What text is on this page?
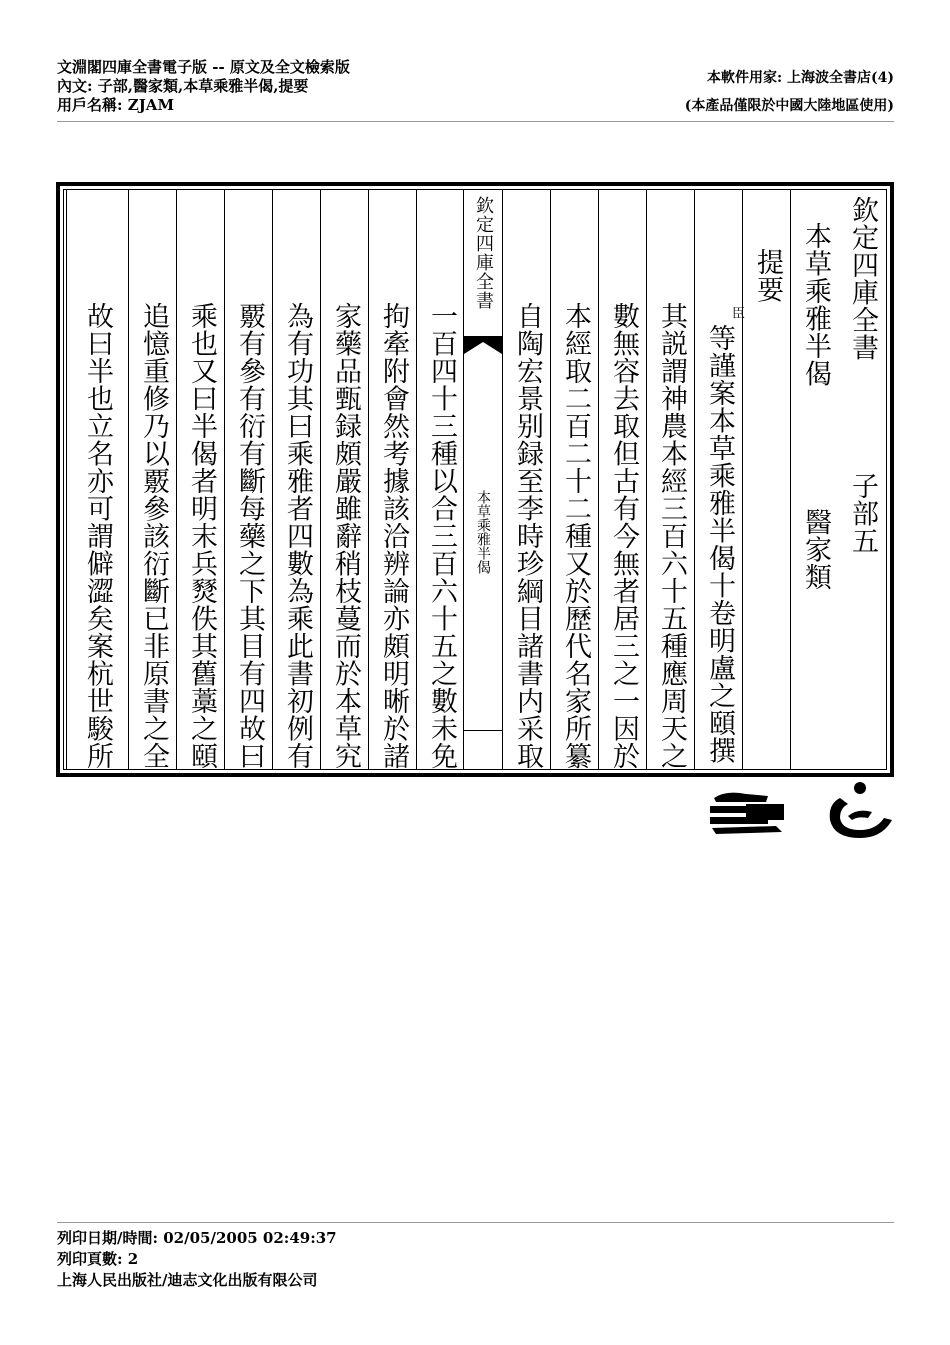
文淵閣四庫全書電子版 -- 原文及全文檢索版
內文: 子部,醫家類,本草乘雅半偈,提要
用戶名稱: ZJAM
本軟件用家: 上海波全書店(4)
(本產品僅限於中國大陸地區使用)
欽定四庫全書
子部五
本草乘雅半偈
醫家類
提要
臣
等謹案本草乘雅半偈十卷明盧之頤撰
其説謂神農本經三百六十五種應周天之
數無容去取但古有今無者居三之一因於
本經取二百二十二種又於歷代名家所纂
自陶宏景别録至李時珍綱目諸書内采取
欽定四庫全書
本草乘雅半偈
一百四十三種以合三百六十五之數未免
拘牽附會然考據該洽辨論亦頗明晰於諸
家藥品甄録頗嚴雖辭稍枝蔓而於本草究
為有功其曰乘雅者四數為乘此書初例有
覈有參有衍有斷每藥之下其目有四故曰
乘也又曰半偈者明末兵燹佚其舊藁之頤
追憶重修乃以覈參該衍斷已非原書之全
故曰半也立名亦可謂僻澀矣案杭世駿所
列印日期/時間: 02/05/2005 02:49:37
列印頁數: 2
上海人民出版社/迪志文化出版有限公司
